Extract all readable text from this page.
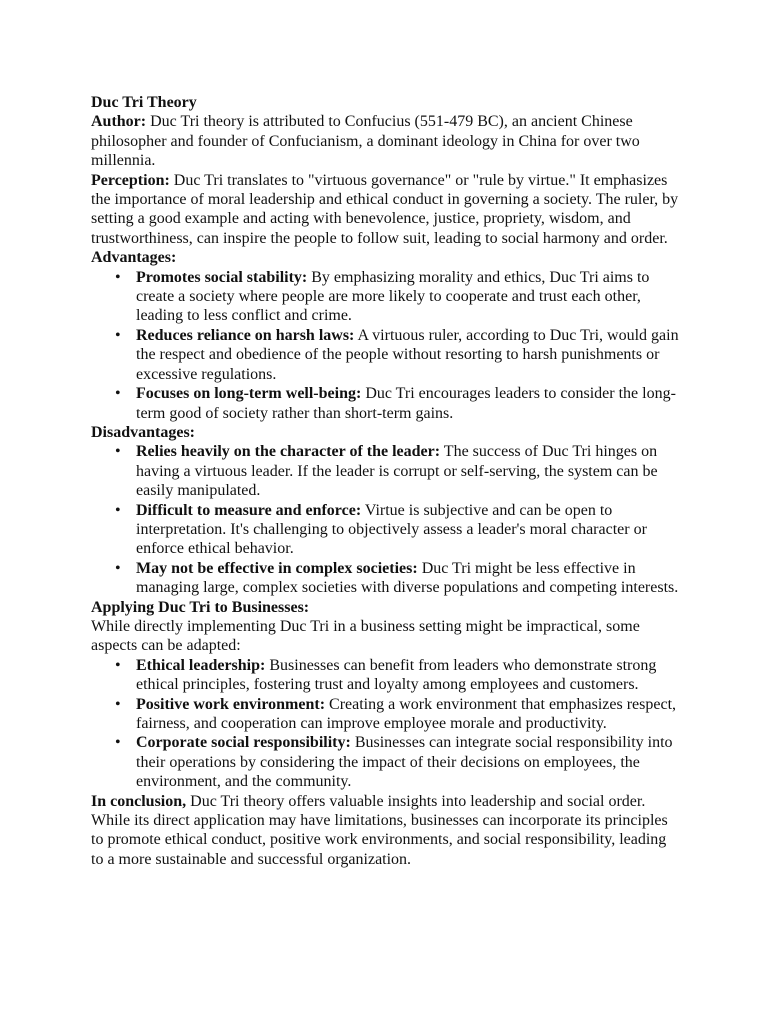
Duc Tri Theory

Author: Duc Tri theory is attributed to Confucius (551-479 BC), an ancient Chinese philosopher and founder of Confucianism, a dominant ideology in China for over two millennia.

Perception: Duc Tri translates to "virtuous governance" or "rule by virtue." It emphasizes the importance of moral leadership and ethical conduct in governing a society. The ruler, by setting a good example and acting with benevolence, justice, propriety, wisdom, and trustworthiness, can inspire the people to follow suit, leading to social harmony and order.

Advantages:

• Promotes social stability: By emphasizing morality and ethics, Duc Tri aims to create a society where people are more likely to cooperate and trust each other, leading to less conflict and crime.
• Reduces reliance on harsh laws: A virtuous ruler, according to Duc Tri, would gain the respect and obedience of the people without resorting to harsh punishments or excessive regulations.
• Focuses on long-term well-being: Duc Tri encourages leaders to consider the long-term good of society rather than short-term gains.

Disadvantages:

• Relies heavily on the character of the leader: The success of Duc Tri hinges on having a virtuous leader. If the leader is corrupt or self-serving, the system can be easily manipulated.
• Difficult to measure and enforce: Virtue is subjective and can be open to interpretation. It's challenging to objectively assess a leader's moral character or enforce ethical behavior.
• May not be effective in complex societies: Duc Tri might be less effective in managing large, complex societies with diverse populations and competing interests.

Applying Duc Tri to Businesses:

While directly implementing Duc Tri in a business setting might be impractical, some aspects can be adapted:

• Ethical leadership: Businesses can benefit from leaders who demonstrate strong ethical principles, fostering trust and loyalty among employees and customers.
• Positive work environment: Creating a work environment that emphasizes respect, fairness, and cooperation can improve employee morale and productivity.
• Corporate social responsibility: Businesses can integrate social responsibility into their operations by considering the impact of their decisions on employees, the environment, and the community.

In conclusion, Duc Tri theory offers valuable insights into leadership and social order. While its direct application may have limitations, businesses can incorporate its principles to promote ethical conduct, positive work environments, and social responsibility, leading to a more sustainable and successful organization.
